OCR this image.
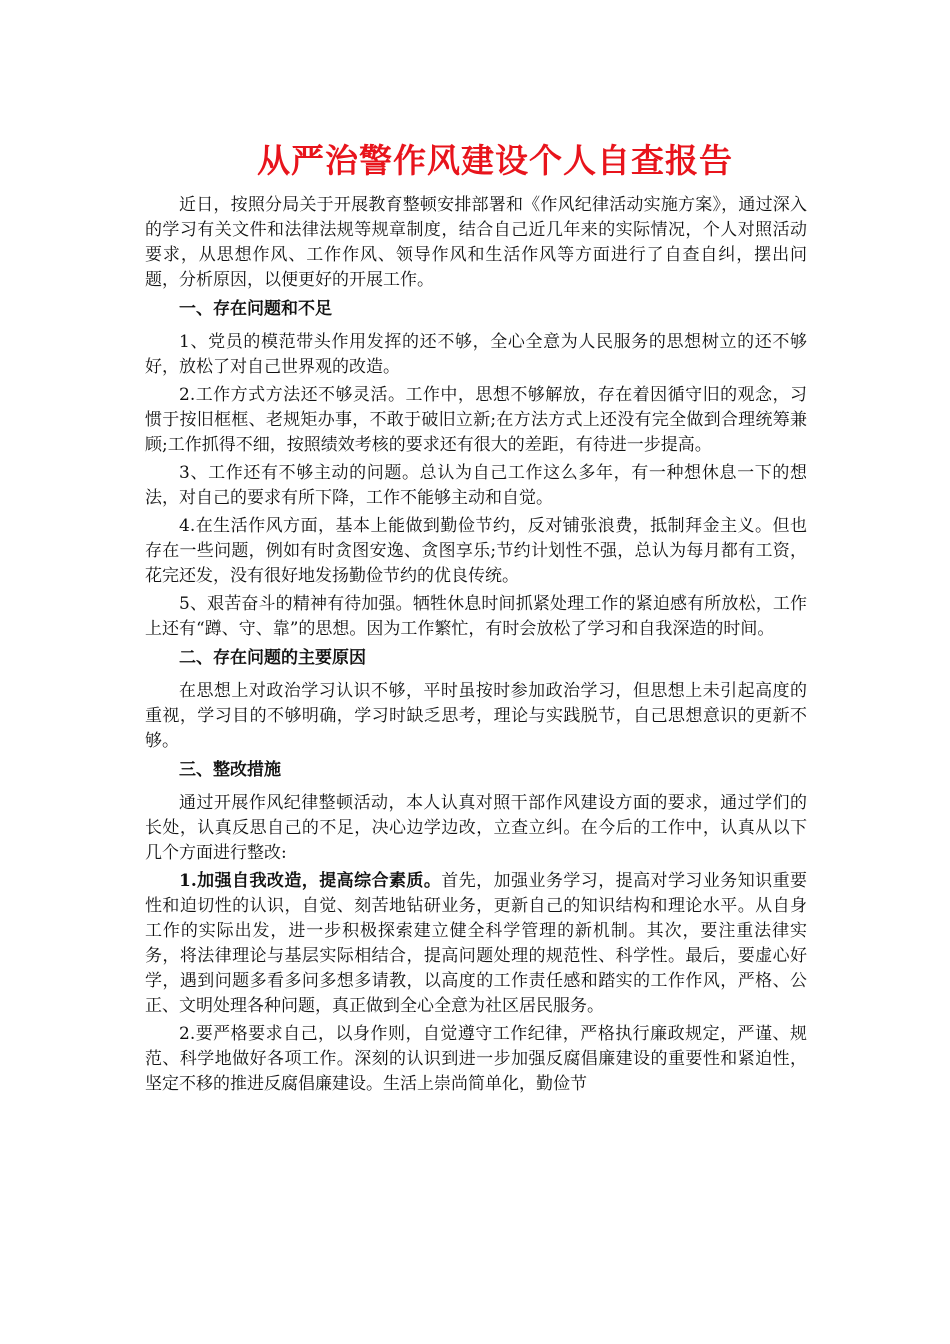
从严治警作风建设个人自查报告

近日，按照分局关于开展教育整顿安排部署和《作风纪律活动实施方案》，通过深入的学习有关文件和法律法规等规章制度，结合自己近几年来的实际情况，个人对照活动要求，从思想作风、工作作风、领导作风和生活作风等方面进行了自查自纠，摆出问题，分析原因，以便更好的开展工作。

一、存在问题和不足

1、党员的模范带头作用发挥的还不够，全心全意为人民服务的思想树立的还不够好，放松了对自己世界观的改造。

2.工作方式方法还不够灵活。工作中，思想不够解放，存在着因循守旧的观念，习惯于按旧框框、老规矩办事，不敢于破旧立新;在方法方式上还没有完全做到合理统筹兼顾;工作抓得不细，按照绩效考核的要求还有很大的差距，有待进一步提高。

3、工作还有不够主动的问题。总认为自己工作这么多年，有一种想休息一下的想法，对自己的要求有所下降，工作不能够主动和自觉。

4.在生活作风方面，基本上能做到勤俭节约，反对铺张浪费，抵制拜金主义。但也存在一些问题，例如有时贪图安逸、贪图享乐;节约计划性不强，总认为每月都有工资，花完还发，没有很好地发扬勤俭节约的优良传统。

5、艰苦奋斗的精神有待加强。牺牲休息时间抓紧处理工作的紧迫感有所放松，工作上还有“蹲、守、靠”的思想。因为工作繁忙，有时会放松了学习和自我深造的时间。

二、存在问题的主要原因

在思想上对政治学习认识不够，平时虽按时参加政治学习，但思想上未引起高度的重视，学习目的不够明确，学习时缺乏思考，理论与实践脱节，自己思想意识的更新不够。

三、整改措施

通过开展作风纪律整顿活动，本人认真对照干部作风建设方面的要求，通过学们的长处，认真反思自己的不足，决心边学边改，立查立纠。在今后的工作中，认真从以下几个方面进行整改:

1.加强自我改造，提高综合素质。首先，加强业务学习，提高对学习业务知识重要性和迫切性的认识，自觉、刻苦地钻研业务，更新自己的知识结构和理论水平。从自身工作的实际出发，进一步积极探索建立健全科学管理的新机制。其次，要注重法律实务，将法律理论与基层实际相结合，提高问题处理的规范性、科学性。最后，要虚心好学，遇到问题多看多问多想多请教，以高度的工作责任感和踏实的工作作风，严格、公正、文明处理各种问题，真正做到全心全意为社区居民服务。

2.要严格要求自己，以身作则，自觉遵守工作纪律，严格执行廉政规定，严谨、规范、科学地做好各项工作。深刻的认识到进一步加强反腐倡廉建设的重要性和紧迫性，坚定不移的推进反腐倡廉建设。生活上崇尚简单化，勤俭节
